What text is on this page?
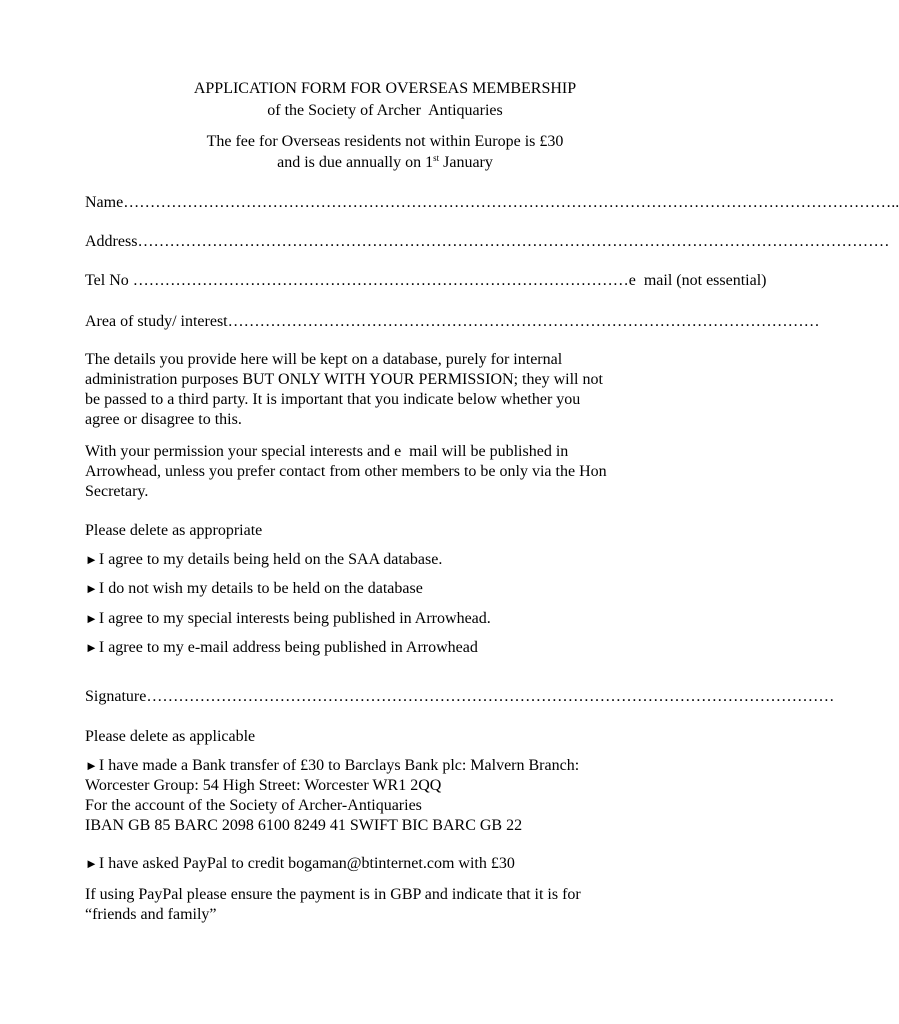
APPLICATION FORM FOR OVERSEAS MEMBERSHIP
of the Society of Archer Antiquaries
The fee for Overseas residents not within Europe is £30
and is due annually on 1st January
Name………………………………………………………………………………………………………………………………..
Address……………………………………………………………………………………………………………………………
Tel No …………………………………………………………………………………e mail (not essential)
Area of study/ interest…………………………………………………………………………………………………
The details you provide here will be kept on a database, purely for internal
administration purposes BUT ONLY WITH YOUR PERMISSION; they will not
be passed to a third party. It is important that you indicate below whether you
agree or disagree to this.
With your permission your special interests and e mail will be published in
Arrowhead, unless you prefer contact from other members to be only via the Hon
Secretary.
Please delete as appropriate
►I agree to my details being held on the SAA database.
►I do not wish my details to be held on the database
►I agree to my special interests being published in Arrowhead.
►I agree to my e-mail address being published in Arrowhead
Signature…………………………………………………………………………………………………………………
Please delete as applicable
►I have made a Bank transfer of £30 to Barclays Bank plc: Malvern Branch:
Worcester Group: 54 High Street: Worcester WR1 2QQ
For the account of the Society of Archer-Antiquaries
IBAN GB 85 BARC 2098 6100 8249 41 SWIFT BIC BARC GB 22
►I have asked PayPal to credit bogaman@btinternet.com with £30
If using PayPal please ensure the payment is in GBP and indicate that it is for
“friends and family”
